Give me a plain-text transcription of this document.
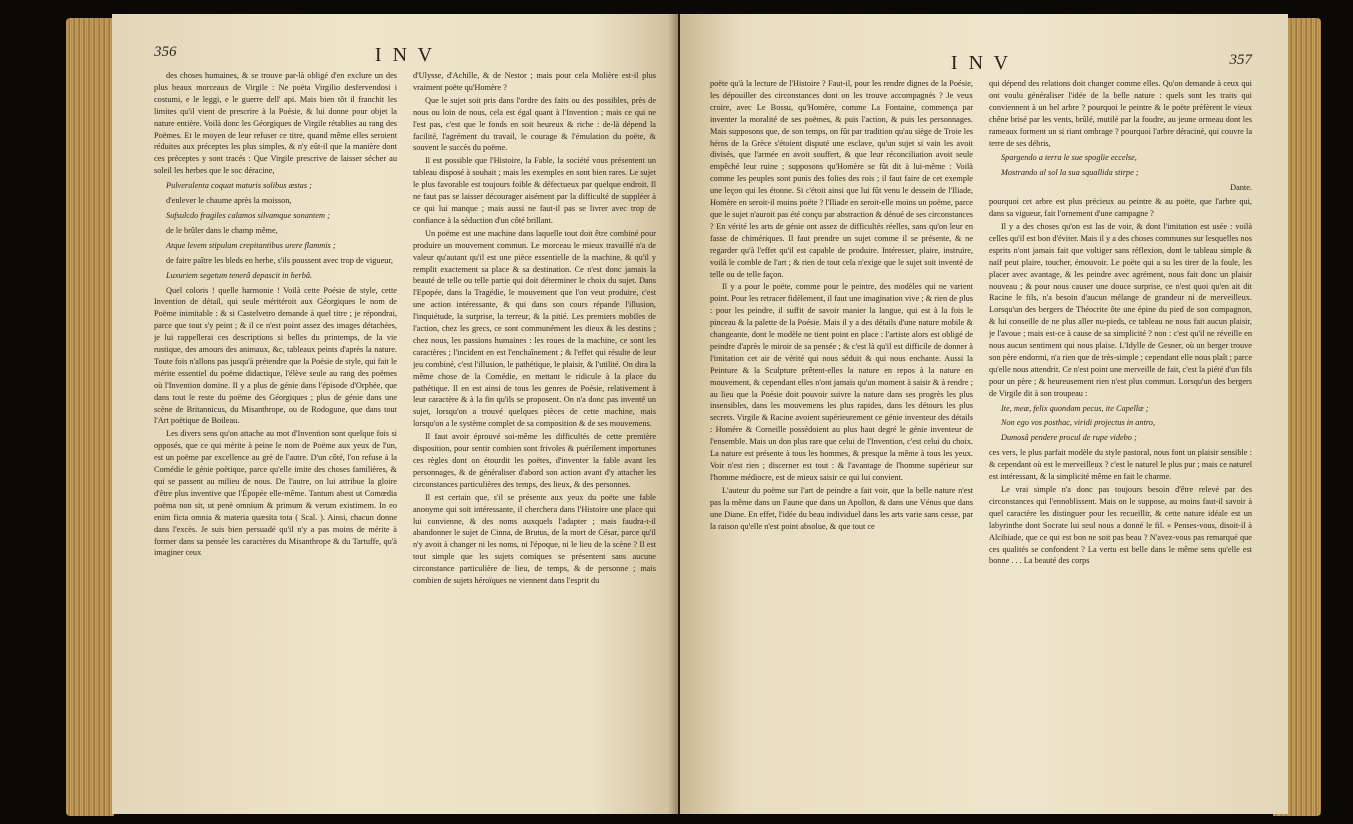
356	I N V

des choses humaines, & se trouve par-là obligé d'en exclure un des plus beaux morceaux de Virgile : Ne poëta Virgilio desfervendosi i costumi, e le leggi, e le guerre dell' api. Mais bien tôt il franchit les limites qu'il vient de prescrire à la Poésie, & lui donne pour objet la nature entière. Voilà donc les Géorgiques de Virgile rétablies au rang des Poëmes. Et le moyen de leur refuser ce titre, quand même elles seroient réduites aux préceptes les plus simples, & n'y eût-il que la manière dont ces préceptes y sont tracés : Que Virgile prescrive de laisser sécher au soleil les herbes que le soc déracine,

Pulverulenta coquat maturis solibus æstas ;

d'enlever le chaume après la moisson,

Sufsulcdo fragiles calamos silvamque sonantem ;

de le brûler dans le champ même,

Atque levem stipulam crepitantibus urere flammis ;

de faire paître les bleds en herbe, s'ils poussent avec trop de vigueur,

Luxuriem segetum tenerâ depascit in herbâ.

Quel coloris ! quelle harmonie ! Voilà cette Poésie de style, cette Invention de détail, qui seule méritéroit aux Géorgiques le nom de Poëme inimitable : & si Castelvetro demande à quel titre ; je répondrai, parce que tout s'y peint ; & il ce n'est point assez des images détachées, je lui rappellerai ces descriptions si belles du printemps, de la vie rustique, des amours des animaux, &c, tableaux peints d'après la nature. Toute fois n'allons pas jusqu'à prétendre que la Poésie de style, qui fait le mérite essentiel du poëme didactique, l'élève seule au rang des poëmes où l'Invention domine. Il y a plus de génie dans l'épisode d'Orphée, que dans tout le reste du poëme des Géorgiques ; plus de génie dans une scène de Britannicus, du Misanthrope, ou de Rodogune, que dans tout l'Art poëtique de Boileau.

Les divers sens qu'on attache au mot d'Invention sont quelque fois si opposés, que ce qui mérite à peine le nom de Poëme aux yeux de l'un, est un poëme par excellence au gré de l'autre. D'un côté, l'on refuse à la Comédie le génie poëtique, parce qu'elle imite des choses familières, & qui se passent au milieu de nous. De l'autre, on lui attribue la gloire d'être plus inventive que l'Épopée elle-même. Tantum abest ut Comœdia poëma non sit, ut penè omnium & primum & verum existimem. In eo enim ficta omnia & materia quæsita tota ( Scal. ). Ainsi, chacun donne dans l'excès. Je suis bien persuadé qu'il n'y a pas moins de mérite à former dans sa pensée les caractères du Misanthrope & du Tartuffe, qu'à imaginer ceux

d'Ulysse, d'Achille, & de Nestor ; mais pour cela Molière est-il plus vraiment poëte qu'Homère ?

Que le sujet soit pris dans l'ordre des faits ou des possibles, près de nous ou loin de nous, cela est égal quant à l'Invention ; mais ce qui ne l'est pas, c'est que le fonds en soit heureux & riche : de-là dépend la facilité, l'agrément du travail, le courage & l'émulation du poëte, & souvent le succès du poëme.

Il est possible que l'Histoire, la Fable, la société vous présentent un tableau disposé à souhait ; mais les exemples en sont bien rares. Le sujet le plus favorable est toujours foible & défectueux par quelque endroit. Il ne faut pas se laisser décourager aisément par la difficulté de suppléer à ce qui lui manque ; mais aussi ne faut-il pas se livrer avec trop de confiance à la séduction d'un côté brillant.

Un poëme est une machine dans laquelle tout doit être combiné pour produire un mouvement commun. Le morceau le mieux travaillé n'a de valeur qu'autant qu'il est une pièce essentielle de la machine, & qu'il y remplit exactement sa place & sa destination. Ce n'est donc jamais la beauté de telle ou telle partie qui doit déterminer le choix du sujet. Dans l'Epopée, dans la Tragédie, le mouvement que l'on veut produire, c'est une action intéressante, & qui dans son cours répande l'illusion, l'inquiétude, la surprise, la terreur, & la pitié. Les premiers mobiles de l'action, chez les grecs, ce sont communément les dieux & les destins ; chez nous, les passions humaines : les roues de la machine, ce sont les caractères ; l'incident en est l'enchaînement ; & l'effet qui résulte de leur jeu combiné, c'est l'illusion, le pathétique, le plaisir, & l'utilité. On dira la même chose de la Comédie, en mettant le ridicule à la place du pathétique. Il en est ainsi de tous les genres de Poésie, relativement à leur caractère & à la fin qu'ils se proposent. On n'a donc pas inventé un sujet, lorsqu'on a trouvé quelques pièces de cette machine, mais lorsqu'on a le système complet de sa composition & de ses mouvemens.

Il faut avoir éprouvé soi-même les difficultés de cette première disposition, pour sentir combien sont frivoles & puérilement importunes ces règles dont on étourdit les poëtes, d'inventer la fable avant les personnages, & de généraliser d'abord son action avant d'y attacher les circonstances particulières des temps, des lieux, & des personnes.

Il est certain que, s'il se présente aux yeux du poëte une fable anonyme qui soit intéressante, il cherchera dans l'Histoire une place qui lui convienne, & des noms auxquels l'adapter ; mais faudra-t-il abandonner le sujet de Cinna, de Brutus, de la mort de César, parce qu'il n'y avoit à changer ni les noms, ni l'époque, ni le lieu de la scène ? Il est tout simple que les sujets comiques se présentent sans aucune circonstance particulière de lieu, de temps, & de personne ; mais combien de sujets héroïques ne viennent dans l'esprit du

I N V	357

poëte qu'à la lecture de l'Histoire ? Faut-il, pour les rendre dignes de la Poésie, les dépouiller des circonstances dont on les trouve accompagnés ? Je veux croire, avec Le Bossu, qu'Homère, comme La Fontaine, commença par inventer la moralité de ses poëmes, & puis l'action, & puis les personnages. Mais supposons que, de son temps, on fût par tradition qu'au siège de Troie les héros de la Grèce s'étoient disputé une esclave, qu'un sujet si vain les avoit divisés, que l'armée en avoit souffert, & que leur réconciliation avoit seule empêché leur ruine ; supposons qu'Homère se fût dit à lui-même : Voilà comme les peuples sont punis des folies des rois ; il faut faire de cet exemple une leçon qui les étonne. Si c'étoit ainsi que lui fût venu le dessein de l'Iliade, Homère en seroit-il moins poëte ? l'Iliade en seroit-elle moins un poëme, parce que le sujet n'auroit pas été conçu par abstraction & dénué de ses circonstances ? En vérité les arts de génie ont assez de difficultés réelles, sans qu'on leur en fasse de chimériques. Il faut prendre un sujet comme il se présente, & ne regarder qu'à l'effet qu'il est capable de produire. Intéresser, plaire, instruire, voilà le comble de l'art ; & rien de tout cela n'exige que le sujet soit inventé de telle ou de telle façon.

Il y a pour le poëte, comme pour le peintre, des modèles qui ne varient point. Pour les retracer fidèlement, il faut une imagination vive ; & rien de plus : pour les peindre, il suffit de savoir manier la langue, qui est à la fois le pinceau & la palette de la Poésie. Mais il y a des détails d'une nature mobile & changeante, dont le modèle ne tient point en place : l'artiste alors est obligé de peindre d'après le miroir de sa pensée ; & c'est là qu'il est difficile de donner à l'imitation cet air de vérité qui nous séduit & qui nous enchante. Aussi la Peinture & la Sculpture prêtent-elles la nature en repos à la nature en mouvement, & cependant elles n'ont jamais qu'un moment à saisir & à rendre ; au lieu que la Poésie doit pouvoir suivre la nature dans ses progrès les plus insensibles, dans les mouvemens les plus rapides, dans les détours les plus secrets. Virgile & Racine avoient supérieurement ce génie inventeur des détails : Homère & Corneille possédoient au plus haut degré le génie inventeur de l'ensemble. Mais un don plus rare que celui de l'Invention, c'est celui du choix. La nature est présente à tous les hommes, & presque la même à tous les yeux. Voir n'est rien ; discerner est tout : & l'avantage de l'homme supérieur sur l'homme médiocre, est de mieux saisir ce qui lui convient.

L'auteur du poëme sur l'art de peindre a fait voir, que la belle nature n'est pas la même dans un Faune que dans un Apollon, & dans une Vénus que dans une Diane. En effet, l'idée du beau individuel dans les arts varie sans cesse, par la raison qu'elle n'est point absolue, & que tout ce

qui dépend des relations doit changer comme elles. Qu'on demande à ceux qui ont voulu généraliser l'idée de la belle nature : quels sont les traits qui conviennent à un bel arbre ? pourquoi le peintre & le poëte préfèrent le vieux chêne brisé par les vents, brûlé, mutilé par la foudre, au jeune ormeau dont les rameaux forment un si riant ombrage ? pourquoi l'arbre déraciné, qui couvre la terre de ses débris,

Spargendo a terra le sue spoglie eccelse,

Mostrando al sol la sua squallida stirpe ;

Dante.

pourquoi cet arbre est plus précieux au peintre & au poëte, que l'arbre qui, dans sa vigueur, fait l'ornement d'une campagne ?

Il y a des choses qu'on est las de voir, & dont l'imitation est usée : voilà celles qu'il est bon d'éviter. Mais il y a des choses communes sur lesquelles nos esprits n'ont jamais fait que voltiger sans réflexion, dont le tableau simple & naïf peut plaire, toucher, émouvoir. Le poëte qui a su les tirer de la foule, les placer avec avantage, & les peindre avec agrément, nous fait donc un plaisir nouveau ; & pour nous causer une douce surprise, ce n'est quoi qu'en ait dit Racine le fils, n'a besoin d'aucun mélange de grandeur ni de merveilleux. Lorsqu'un des bergers de Théocrite ôte une épine du pied de son compagnon, & lui conseille de ne plus aller nu-pieds, ce tableau ne nous fait aucun plaisir, je l'avoue ; mais est-ce à cause de sa simplicité ? non : c'est qu'il ne réveille en nous aucun sentiment qui nous plaise. L'Idylle de Gesner, où un berger trouve son père endormi, n'a rien que de très-simple ; cependant elle nous plaît ; parce qu'elle nous attendrit. Ce n'est point une merveille de fait, c'est la piété d'un fils pour un père ; & heureusement rien n'est plus commun. Lorsqu'un des bergers de Virgile dit à son troupeau :

Ite, meæ, felix quondam pecus, ite Capellæ ;

Non ego vos posthac, viridi projectus in antro,

Dumosâ pendere procul de rupe videbo ;

ces vers, le plus parfait modèle du style pastoral, nous font un plaisir sensible : & cependant où est le merveilleux ? c'est le naturel le plus pur ; mais ce naturel est intéressant, & la simplicité même en fait le charme.

Le vrai simple n'a donc pas toujours besoin d'être relevé par des circonstances qui l'ennoblissent. Mais on le suppose, au moins faut-il savoir à quel caractère les distinguer pour les recueillir, & cette nature idéale est un labyrinthe dont Socrate lui seul nous a donné le fil. « Penses-vous, disoit-il à Alcibiade, que ce qui est bon ne soit pas beau ? N'avez-vous pas remarqué que ces qualités se confondent ? La vertu est belle dans le même sens qu'elle est bonne . . . La beauté des corps
